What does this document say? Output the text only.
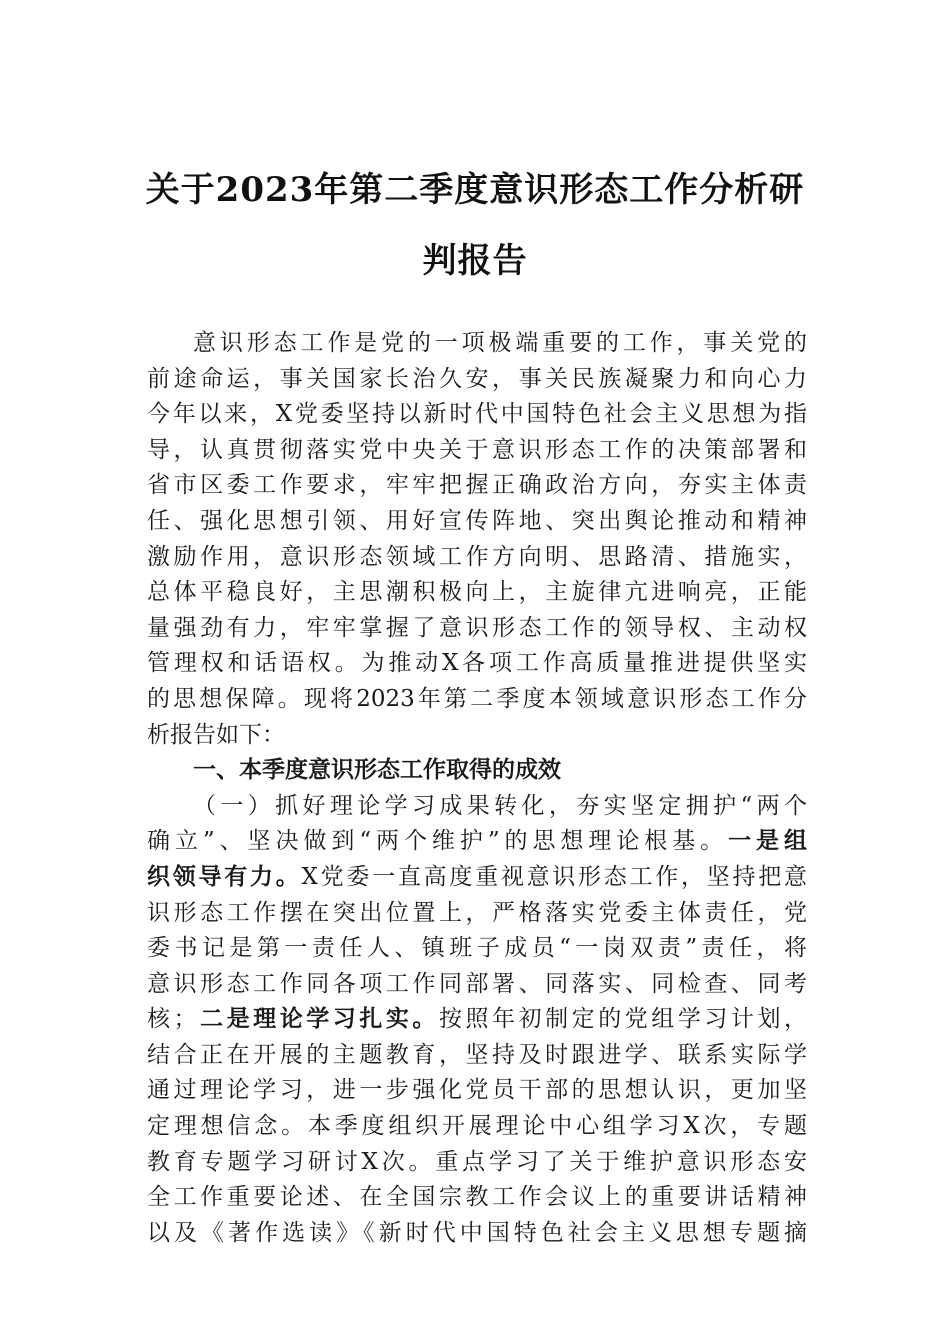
关于2023年第二季度意识形态工作分析研
判报告
意识形态工作是党的一项极端重要的工作，事关党的
前途命运，事关国家长治久安，事关民族凝聚力和向心力
今年以来，X党委坚持以新时代中国特色社会主义思想为指
导，认真贯彻落实党中央关于意识形态工作的决策部署和
省市区委工作要求，牢牢把握正确政治方向，夯实主体责
任、强化思想引领、用好宣传阵地、突出舆论推动和精神
激励作用，意识形态领域工作方向明、思路清、措施实，
总体平稳良好，主思潮积极向上，主旋律亢进响亮，正能
量强劲有力，牢牢掌握了意识形态工作的领导权、主动权
管理权和话语权。为推动X各项工作高质量推进提供坚实
的思想保障。现将2023年第二季度本领域意识形态工作分
析报告如下：
一、本季度意识形态工作取得的成效
（一）抓好理论学习成果转化，夯实坚定拥护“两个
确立”、坚决做到“两个维护”的思想理论根基。一是组
织领导有力。X党委一直高度重视意识形态工作，坚持把意
识形态工作摆在突出位置上，严格落实党委主体责任，党
委书记是第一责任人、镇班子成员“一岗双责”责任，将
意识形态工作同各项工作同部署、同落实、同检查、同考
核；二是理论学习扎实。按照年初制定的党组学习计划，
结合正在开展的主题教育，坚持及时跟进学、联系实际学
通过理论学习，进一步强化党员干部的思想认识，更加坚
定理想信念。本季度组织开展理论中心组学习X次，专题
教育专题学习研讨X次。重点学习了关于维护意识形态安
全工作重要论述、在全国宗教工作会议上的重要讲话精神
以及《著作选读》《新时代中国特色社会主义思想专题摘
